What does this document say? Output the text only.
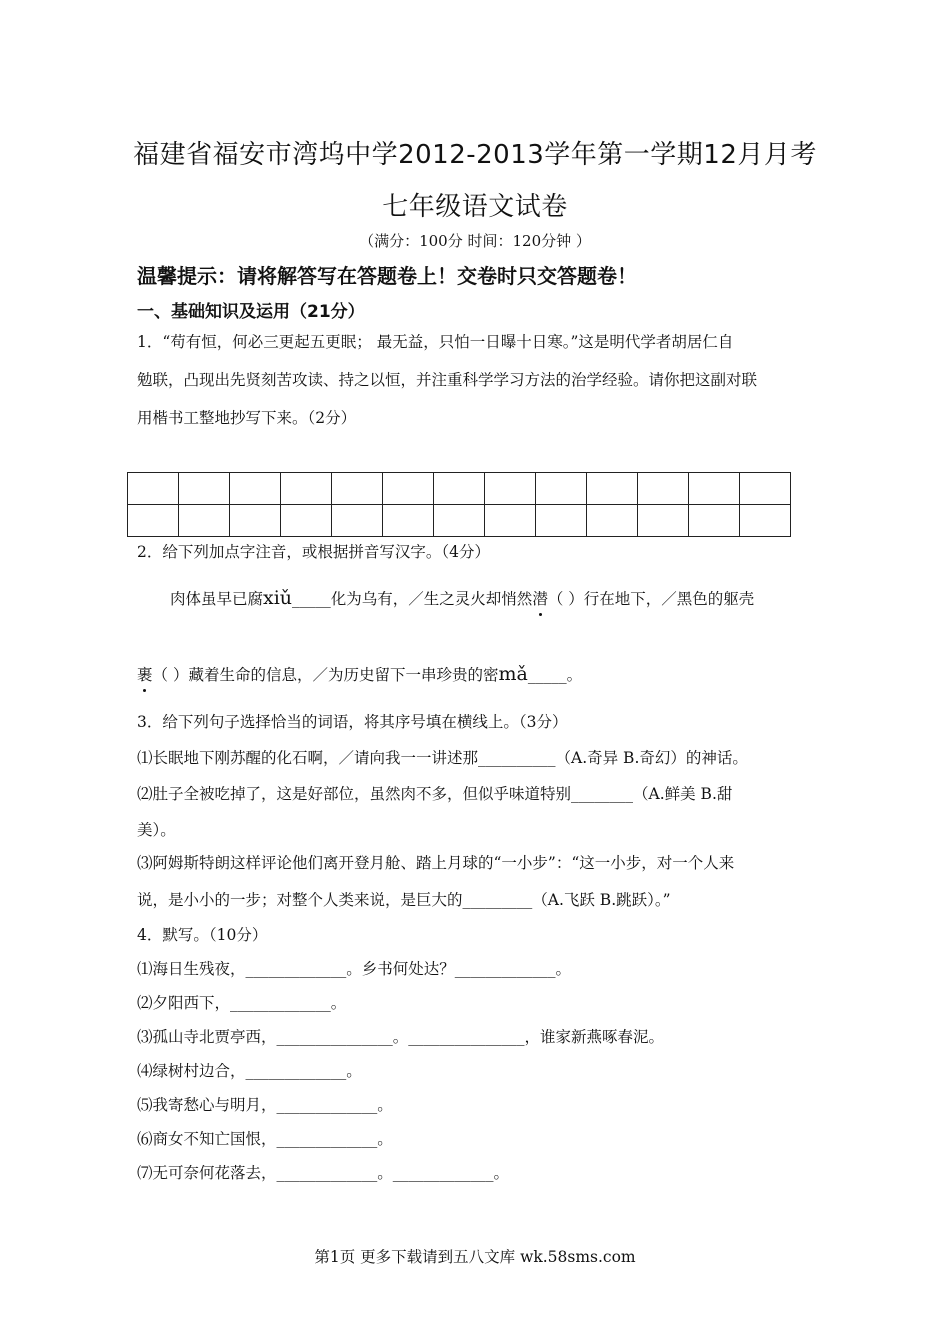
福建省福安市湾坞中学2012-2013学年第一学期12月月考
七年级语文试卷
（满分：100分 时间：120分钟 ）
温馨提示：请将解答写在答题卷上！交卷时只交答题卷！
一、基础知识及运用（21分）
1．“苟有恒，何必三更起五更眠； 最无益，只怕一日曝十日寒。”这是明代学者胡居仁自
勉联，凸现出先贤刻苦攻读、持之以恒，并注重科学学习方法的治学经验。请你把这副对联
用楷书工整地抄写下来。（2分）

2．给下列加点字注音，或根据拼音写汉字。（4分）
肉体虽早已腐xiǔ_____化为乌有，／生之灵火却悄然潜（ ）行在地下，／黑色的躯壳
裹（ ）藏着生命的信息，／为历史留下一串珍贵的密mǎ_____。
3．给下列句子选择恰当的词语，将其序号填在横线上。（3分）
⑴长眠地下刚苏醒的化石啊，／请向我一一讲述那__________（A.奇异 B.奇幻）的神话。
⑵肚子全被吃掉了，这是好部位，虽然肉不多，但似乎味道特别________（A.鲜美 B.甜
美）。
⑶阿姆斯特朗这样评论他们离开登月舱、踏上月球的“一小步”：“这一小步，对一个人来
说，是小小的一步；对整个人类来说，是巨大的_________（A.飞跃 B.跳跃）。”
4．默写。（10分）
⑴海日生残夜，_____________。乡书何处达？_____________。
⑵夕阳西下，_____________。
⑶孤山寺北贾亭西，_______________。_______________，谁家新燕啄春泥。
⑷绿树村边合，_____________。
⑸我寄愁心与明月，_____________。
⑹商女不知亡国恨，_____________。
⑺无可奈何花落去，_____________。_____________。
第1页 更多下载请到五八文库 wk.58sms.com
